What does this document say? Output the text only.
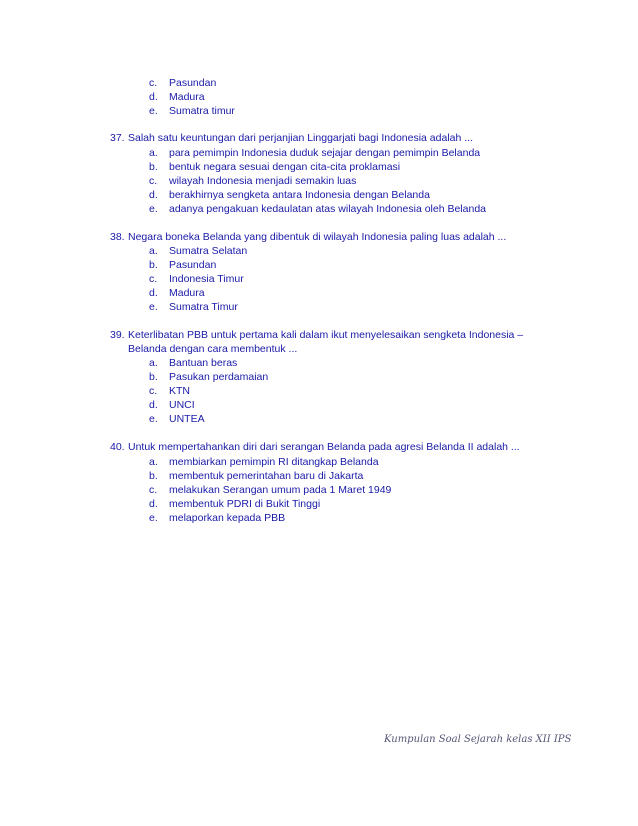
c. Pasundan
d. Madura
e. Sumatra timur
37. Salah satu keuntungan dari perjanjian Linggarjati bagi Indonesia adalah ...
a. para pemimpin Indonesia duduk sejajar dengan pemimpin Belanda
b. bentuk negara sesuai dengan cita-cita proklamasi
c. wilayah Indonesia menjadi semakin luas
d. berakhirnya sengketa antara Indonesia dengan Belanda
e. adanya pengakuan kedaulatan atas wilayah Indonesia oleh Belanda
38. Negara boneka Belanda yang dibentuk di wilayah Indonesia paling luas adalah ...
a. Sumatra Selatan
b. Pasundan
c. Indonesia Timur
d. Madura
e. Sumatra Timur
39. Keterlibatan PBB untuk pertama kali dalam ikut menyelesaikan sengketa Indonesia –
Belanda dengan cara membentuk ...
a. Bantuan beras
b. Pasukan perdamaian
c. KTN
d. UNCI
e. UNTEA
40. Untuk mempertahankan diri dari serangan Belanda pada agresi Belanda II adalah ...
a. membiarkan pemimpin RI ditangkap Belanda
b. membentuk pemerintahan baru di Jakarta
c. melakukan Serangan umum pada 1 Maret 1949
d. membentuk PDRI di Bukit Tinggi
e. melaporkan kepada PBB
Kumpulan Soal Sejarah kelas XII IPS
